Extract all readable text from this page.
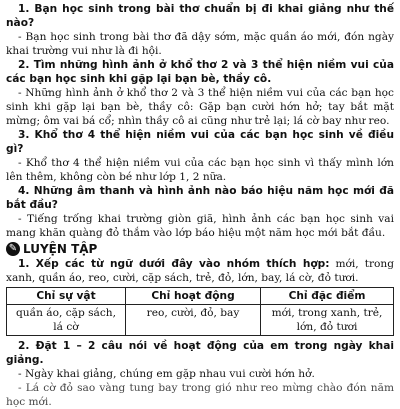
1. Bạn học sinh trong bài thơ chuẩn bị đi khai giảng như thế nào?

- Bạn học sinh trong bài thơ đã dậy sớm, mặc quần áo mới, đón ngày khai trường vui như là đi hội.

2. Tìm những hình ảnh ở khổ thơ 2 và 3 thể hiện niềm vui của các bạn học sinh khi gặp lại bạn bè, thầy cô.

- Những hình ảnh ở khổ thơ 2 và 3 thể hiện niềm vui của các bạn học sinh khi gặp lại bạn bè, thầy cô: Gặp bạn cười hớn hở; tay bắt mặt mừng; ôm vai bá cổ; nhìn thầy cô ai cũng như trẻ lại; lá cờ bay như reo.

3. Khổ thơ 4 thể hiện niềm vui của các bạn học sinh về điều gì?

- Khổ thơ 4 thể hiện niềm vui của các bạn học sinh vì thấy mình lớn lên thêm, không còn bé như lớp 1, 2 nữa.

4. Những âm thanh và hình ảnh nào báo hiệu năm học mới đã bắt đầu?

- Tiếng trống khai trường giòn giã, hình ảnh các bạn học sinh vai mang khăn quàng đỏ thắm vào lớp báo hiệu một năm học mới bắt đầu.

✎ LUYỆN TẬP
1. Xếp các từ ngữ dưới đây vào nhóm thích hợp: mới, trong xanh, quần áo, reo, cười, cặp sách, trẻ, đỏ, lớn, bay, lá cờ, đỏ tươi.
Chỉ sự vật	Chỉ hoạt động	Chỉ đặc điểm
quần áo, cặp sách, lá cờ	reo, cười, đỏ, bay	mới, trong xanh, trẻ, lớn, đỏ tươi
2. Đặt 1 – 2 câu nói về hoạt động của em trong ngày khai giảng.

- Ngày khai giảng, chúng em gặp nhau vui cười hớn hở.

- Lá cờ đỏ sao vàng tung bay trong gió như reo mừng chào đón năm học mới.
